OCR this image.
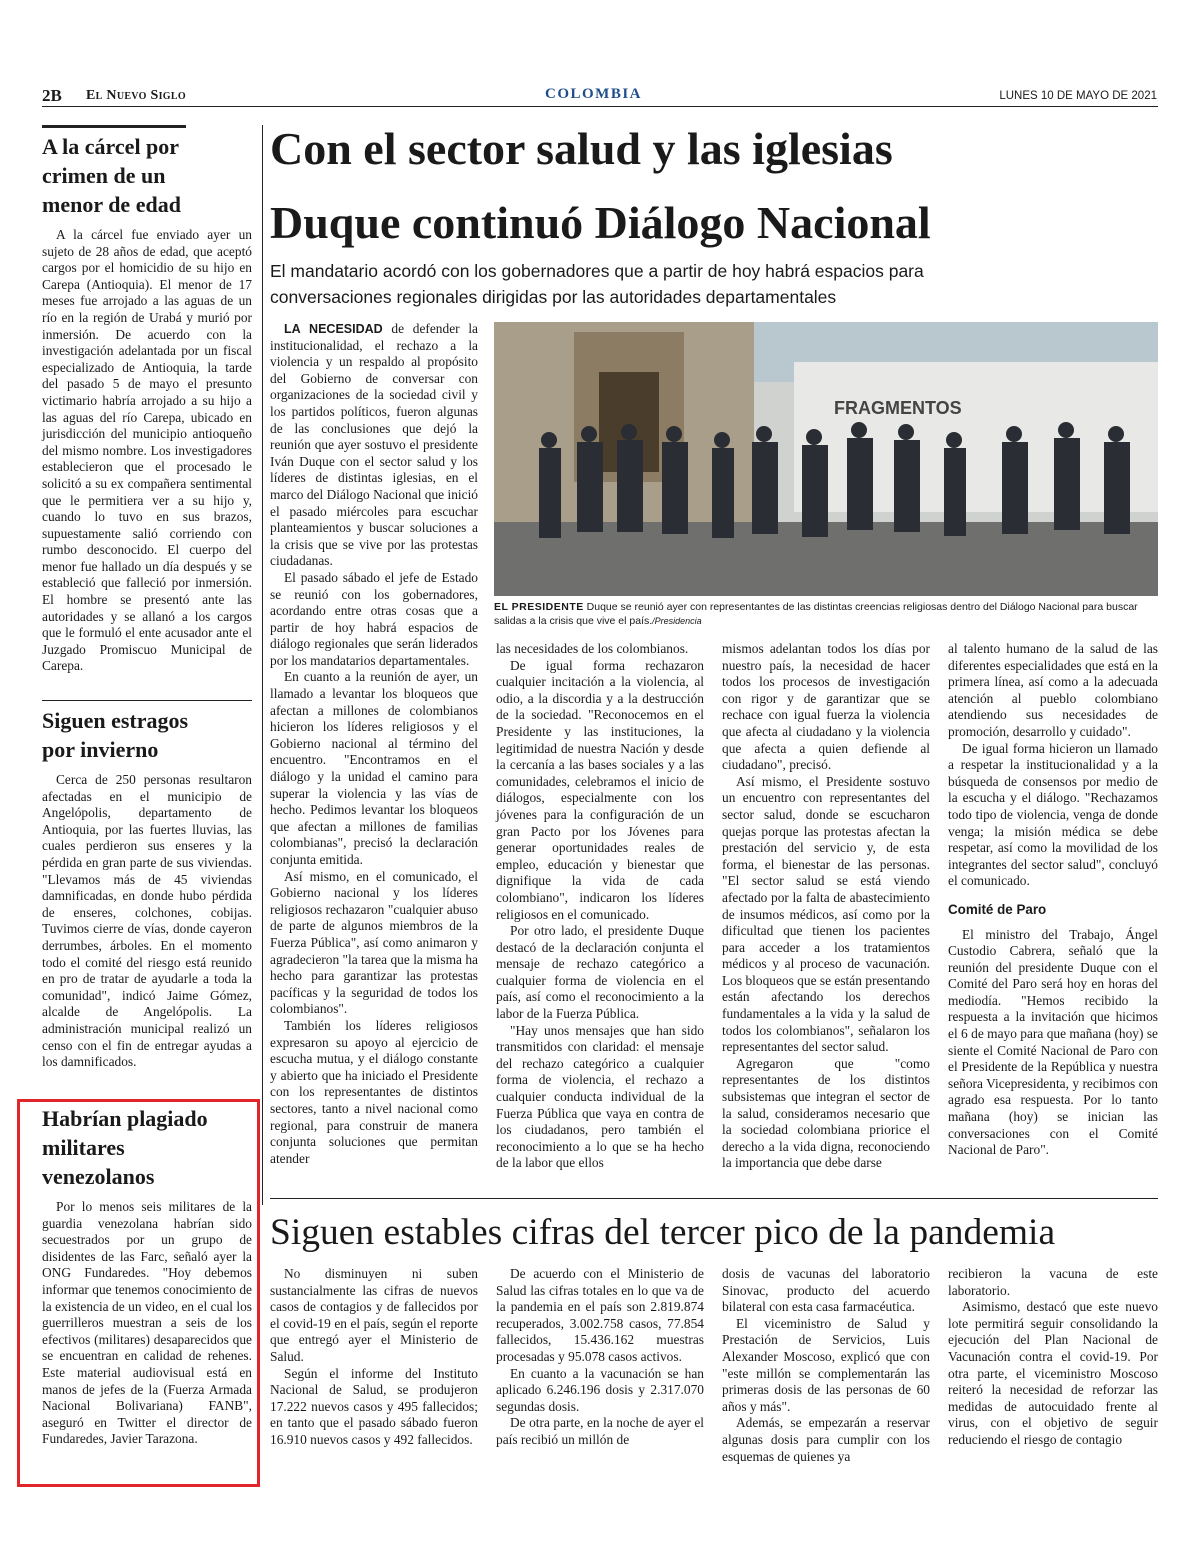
2B El Nuevo Siglo	COLOMBIA	LUNES 10 DE MAYO DE 2021
A la cárcel por crimen de un menor de edad

A la cárcel fue enviado ayer un sujeto de 28 años de edad, que aceptó cargos por el homicidio de su hijo en Carepa (Antioquia). El menor de 17 meses fue arrojado a las aguas de un río en la región de Urabá y murió por inmersión. De acuerdo con la investigación adelantada por un fiscal especializado de Antioquia, la tarde del pasado 5 de mayo el presunto victimario habría arrojado a su hijo a las aguas del río Carepa, ubicado en jurisdicción del municipio antioqueño del mismo nombre. Los investigadores establecieron que el procesado le solicitó a su ex compañera sentimental que le permitiera ver a su hijo y, cuando lo tuvo en sus brazos, supuestamente salió corriendo con rumbo desconocido. El cuerpo del menor fue hallado un día después y se estableció que falleció por inmersión. El hombre se presentó ante las autoridades y se allanó a los cargos que le formuló el ente acusador ante el Juzgado Promiscuo Municipal de Carepa.

Siguen estragos por invierno

Cerca de 250 personas resultaron afectadas en el municipio de Angelópolis, departamento de Antioquia, por las fuertes lluvias, las cuales perdieron sus enseres y la pérdida en gran parte de sus viviendas. "Llevamos más de 45 viviendas damnificadas, en donde hubo pérdida de enseres, colchones, cobijas. Tuvimos cierre de vías, donde cayeron derrumbes, árboles. En el momento todo el comité del riesgo está reunido en pro de tratar de ayudarle a toda la comunidad", indicó Jaime Gómez, alcalde de Angelópolis. La administración municipal realizó un censo con el fin de entregar ayudas a los damnificados.

Habrían plagiado militares venezolanos

Por lo menos seis militares de la guardia venezolana habrían sido secuestrados por un grupo de disidentes de las Farc, señaló ayer la ONG Fundaredes. "Hoy debemos informar que tenemos conocimiento de la existencia de un video, en el cual los guerrilleros muestran a seis de los efectivos (militares) desaparecidos que se encuentran en calidad de rehenes. Este material audiovisual está en manos de jefes de la (Fuerza Armada Nacional Bolivariana) FANB", aseguró en Twitter el director de Fundaredes, Javier Tarazona.

Con el sector salud y las iglesias
Duque continuó Diálogo Nacional

El mandatario acordó con los gobernadores que a partir de hoy habrá espacios para conversaciones regionales dirigidas por las autoridades departamentales

FRAGMENTOS
EL PRESIDENTE Duque se reunió ayer con representantes de las distintas creencias religiosas dentro del Diálogo Nacional para buscar salidas a la crisis que vive el país./Presidencia

LA NECESIDAD de defender la institucionalidad, el rechazo a la violencia y un respaldo al propósito del Gobierno de conversar con organizaciones de la sociedad civil y los partidos políticos, fueron algunas de las conclusiones que dejó la reunión que ayer sostuvo el presidente Iván Duque con el sector salud y los líderes de distintas iglesias, en el marco del Diálogo Nacional que inició el pasado miércoles para escuchar planteamientos y buscar soluciones a la crisis que se vive por las protestas ciudadanas.

El pasado sábado el jefe de Estado se reunió con los gobernadores, acordando entre otras cosas que a partir de hoy habrá espacios de diálogo regionales que serán liderados por los mandatarios departamentales.

En cuanto a la reunión de ayer, un llamado a levantar los bloqueos que afectan a millones de colombianos hicieron los líderes religiosos y el Gobierno nacional al término del encuentro. "Encontramos en el diálogo y la unidad el camino para superar la violencia y las vías de hecho. Pedimos levantar los bloqueos que afectan a millones de familias colombianas", precisó la declaración conjunta emitida.

Así mismo, en el comunicado, el Gobierno nacional y los líderes religiosos rechazaron "cualquier abuso de parte de algunos miembros de la Fuerza Pública", así como animaron y agradecieron "la tarea que la misma ha hecho para garantizar las protestas pacíficas y la seguridad de todos los colombianos".

También los líderes religiosos expresaron su apoyo al ejercicio de escucha mutua, y el diálogo constante y abierto que ha iniciado el Presidente con los representantes de distintos sectores, tanto a nivel nacional como regional, para construir de manera conjunta soluciones que permitan atender

las necesidades de los colombianos.

De igual forma rechazaron cualquier incitación a la violencia, al odio, a la discordia y a la destrucción de la sociedad. "Reconocemos en el Presidente y las instituciones, la legitimidad de nuestra Nación y desde la cercanía a las bases sociales y a las comunidades, celebramos el inicio de diálogos, especialmente con los jóvenes para la configuración de un gran Pacto por los Jóvenes para generar oportunidades reales de empleo, educación y bienestar que dignifique la vida de cada colombiano", indicaron los líderes religiosos en el comunicado.

Por otro lado, el presidente Duque destacó de la declaración conjunta el mensaje de rechazo categórico a cualquier forma de violencia en el país, así como el reconocimiento a la labor de la Fuerza Pública.

"Hay unos mensajes que han sido transmitidos con claridad: el mensaje del rechazo categórico a cualquier forma de violencia, el rechazo a cualquier conducta individual de la Fuerza Pública que vaya en contra de los ciudadanos, pero también el reconocimiento a lo que se ha hecho de la labor que ellos

mismos adelantan todos los días por nuestro país, la necesidad de hacer todos los procesos de investigación con rigor y de garantizar que se rechace con igual fuerza la violencia que afecta al ciudadano y la violencia que afecta a quien defiende al ciudadano", precisó.

Así mismo, el Presidente sostuvo un encuentro con representantes del sector salud, donde se escucharon quejas porque las protestas afectan la prestación del servicio y, de esta forma, el bienestar de las personas. "El sector salud se está viendo afectado por la falta de abastecimiento de insumos médicos, así como por la dificultad que tienen los pacientes para acceder a los tratamientos médicos y al proceso de vacunación. Los bloqueos que se están presentando están afectando los derechos fundamentales a la vida y la salud de todos los colombianos", señalaron los representantes del sector salud.

Agregaron que "como representantes de los distintos subsistemas que integran el sector de la salud, consideramos necesario que la sociedad colombiana priorice el derecho a la vida digna, reconociendo la importancia que debe darse

al talento humano de la salud de las diferentes especialidades que está en la primera línea, así como a la adecuada atención al pueblo colombiano atendiendo sus necesidades de promoción, desarrollo y cuidado".

De igual forma hicieron un llamado a respetar la institucionalidad y a la búsqueda de consensos por medio de la escucha y el diálogo. "Rechazamos todo tipo de violencia, venga de donde venga; la misión médica se debe respetar, así como la movilidad de los integrantes del sector salud", concluyó el comunicado.

Comité de Paro

El ministro del Trabajo, Ángel Custodio Cabrera, señaló que la reunión del presidente Duque con el Comité del Paro será hoy en horas del mediodía. "Hemos recibido la respuesta a la invitación que hicimos el 6 de mayo para que mañana (hoy) se siente el Comité Nacional de Paro con el Presidente de la República y nuestra señora Vicepresidenta, y recibimos con agrado esa respuesta. Por lo tanto mañana (hoy) se inician las conversaciones con el Comité Nacional de Paro".

Siguen estables cifras del tercer pico de la pandemia

No disminuyen ni suben sustancialmente las cifras de nuevos casos de contagios y de fallecidos por el covid-19 en el país, según el reporte que entregó ayer el Ministerio de Salud.

Según el informe del Instituto Nacional de Salud, se produjeron 17.222 nuevos casos y 495 fallecidos; en tanto que el pasado sábado fueron 16.910 nuevos casos y 492 fallecidos.

De acuerdo con el Ministerio de Salud las cifras totales en lo que va de la pandemia en el país son 2.819.874 recuperados, 3.002.758 casos, 77.854 fallecidos, 15.436.162 muestras procesadas y 95.078 casos activos.

En cuanto a la vacunación se han aplicado 6.246.196 dosis y 2.317.070 segundas dosis.

De otra parte, en la noche de ayer el país recibió un millón de

dosis de vacunas del laboratorio Sinovac, producto del acuerdo bilateral con esta casa farmacéutica.

El viceministro de Salud y Prestación de Servicios, Luis Alexander Moscoso, explicó que con "este millón se complementarán las primeras dosis de las personas de 60 años y más".

Además, se empezarán a reservar algunas dosis para cumplir con los esquemas de quienes ya

recibieron la vacuna de este laboratorio.

Asimismo, destacó que este nuevo lote permitirá seguir consolidando la ejecución del Plan Nacional de Vacunación contra el covid-19. Por otra parte, el viceministro Moscoso reiteró la necesidad de reforzar las medidas de autocuidado frente al virus, con el objetivo de seguir reduciendo el riesgo de contagio
